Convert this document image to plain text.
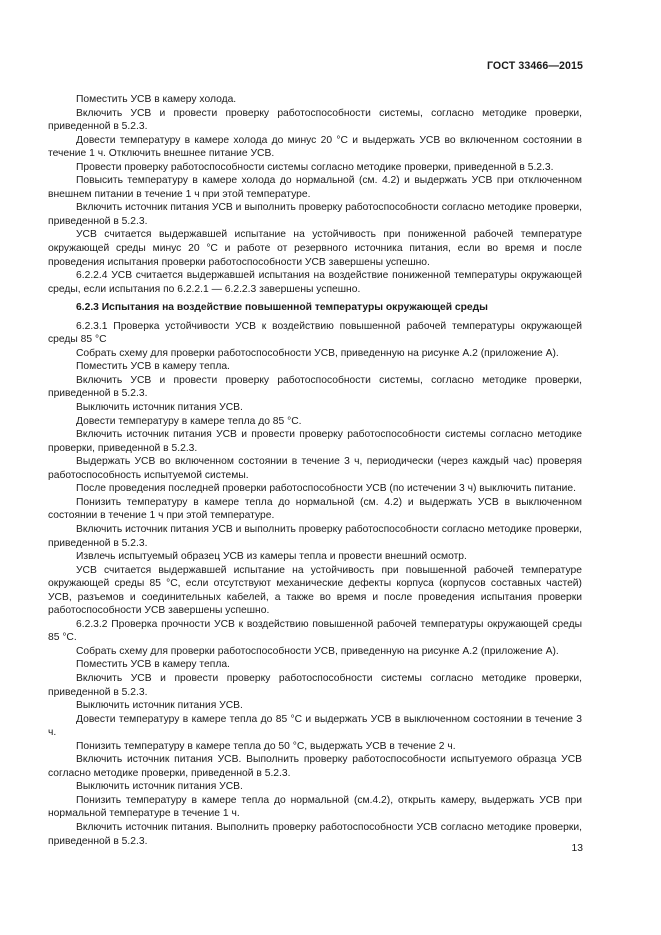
ГОСТ 33466—2015

Поместить УСВ в камеру холода.

Включить УСВ и провести проверку работоспособности системы, согласно методике проверки, приведенной в 5.2.3.

Довести температуру в камере холода до минус 20 °С и выдержать УСВ во включенном состоянии в течение 1 ч. Отключить внешнее питание УСВ.

Провести проверку работоспособности системы согласно методике проверки, приведенной в 5.2.3.

Повысить температуру в камере холода до нормальной (см. 4.2) и выдержать УСВ при отключенном внешнем питании в течение 1 ч при этой температуре.

Включить источник питания УСВ и выполнить проверку работоспособности согласно методике проверки, приведенной в 5.2.3.

УСВ считается выдержавшей испытание на устойчивость при пониженной рабочей температуре окружающей среды минус 20 °С и работе от резервного источника питания, если во время и после проведения испытания проверки работоспособности УСВ завершены успешно.

6.2.2.4 УСВ считается выдержавшей испытания на воздействие пониженной температуры окружающей среды, если испытания по 6.2.2.1 — 6.2.2.3 завершены успешно.

6.2.3 Испытания на воздействие повышенной температуры окружающей среды

6.2.3.1 Проверка устойчивости УСВ к воздействию повышенной рабочей температуры окружающей среды 85 °С

Собрать схему для проверки работоспособности УСВ, приведенную на рисунке А.2 (приложение А).

Поместить УСВ в камеру тепла.

Включить УСВ и провести проверку работоспособности системы, согласно методике проверки, приведенной в 5.2.3.

Выключить источник питания УСВ.

Довести температуру в камере тепла до 85 °С.

Включить источник питания УСВ и провести проверку работоспособности системы согласно методике проверки, приведенной в 5.2.3.

Выдержать УСВ во включенном состоянии в течение 3 ч, периодически (через каждый час) проверяя работоспособность испытуемой системы.

После проведения последней проверки работоспособности УСВ (по истечении 3 ч) выключить питание.

Понизить температуру в камере тепла до нормальной (см. 4.2) и выдержать УСВ в выключенном состоянии в течение 1 ч при этой температуре.

Включить источник питания УСВ и выполнить проверку работоспособности согласно методике проверки, приведенной в 5.2.3.

Извлечь испытуемый образец УСВ из камеры тепла и провести внешний осмотр.

УСВ считается выдержавшей испытание на устойчивость при повышенной рабочей температуре окружающей среды 85 °С, если отсутствуют механические дефекты корпуса (корпусов составных частей) УСВ, разъемов и соединительных кабелей, а также во время и после проведения испытания проверки работоспособности УСВ завершены успешно.

6.2.3.2 Проверка прочности УСВ к воздействию повышенной рабочей температуры окружающей среды 85 °С.

Собрать схему для проверки работоспособности УСВ, приведенную на рисунке А.2 (приложение А).

Поместить УСВ в камеру тепла.

Включить УСВ и провести проверку работоспособности системы согласно методике проверки, приведенной в 5.2.3.

Выключить источник питания УСВ.

Довести температуру в камере тепла до 85 °С и выдержать УСВ в выключенном состоянии в течение 3 ч.

Понизить температуру в камере тепла до 50 °С, выдержать УСВ в течение 2 ч.

Включить источник питания УСВ. Выполнить проверку работоспособности испытуемого образца УСВ согласно методике проверки, приведенной в 5.2.3.

Выключить источник питания УСВ.

Понизить температуру в камере тепла до нормальной (см.4.2), открыть камеру, выдержать УСВ при нормальной температуре в течение 1 ч.

Включить источник питания. Выполнить проверку работоспособности УСВ согласно методике проверки, приведенной в 5.2.3.

13
